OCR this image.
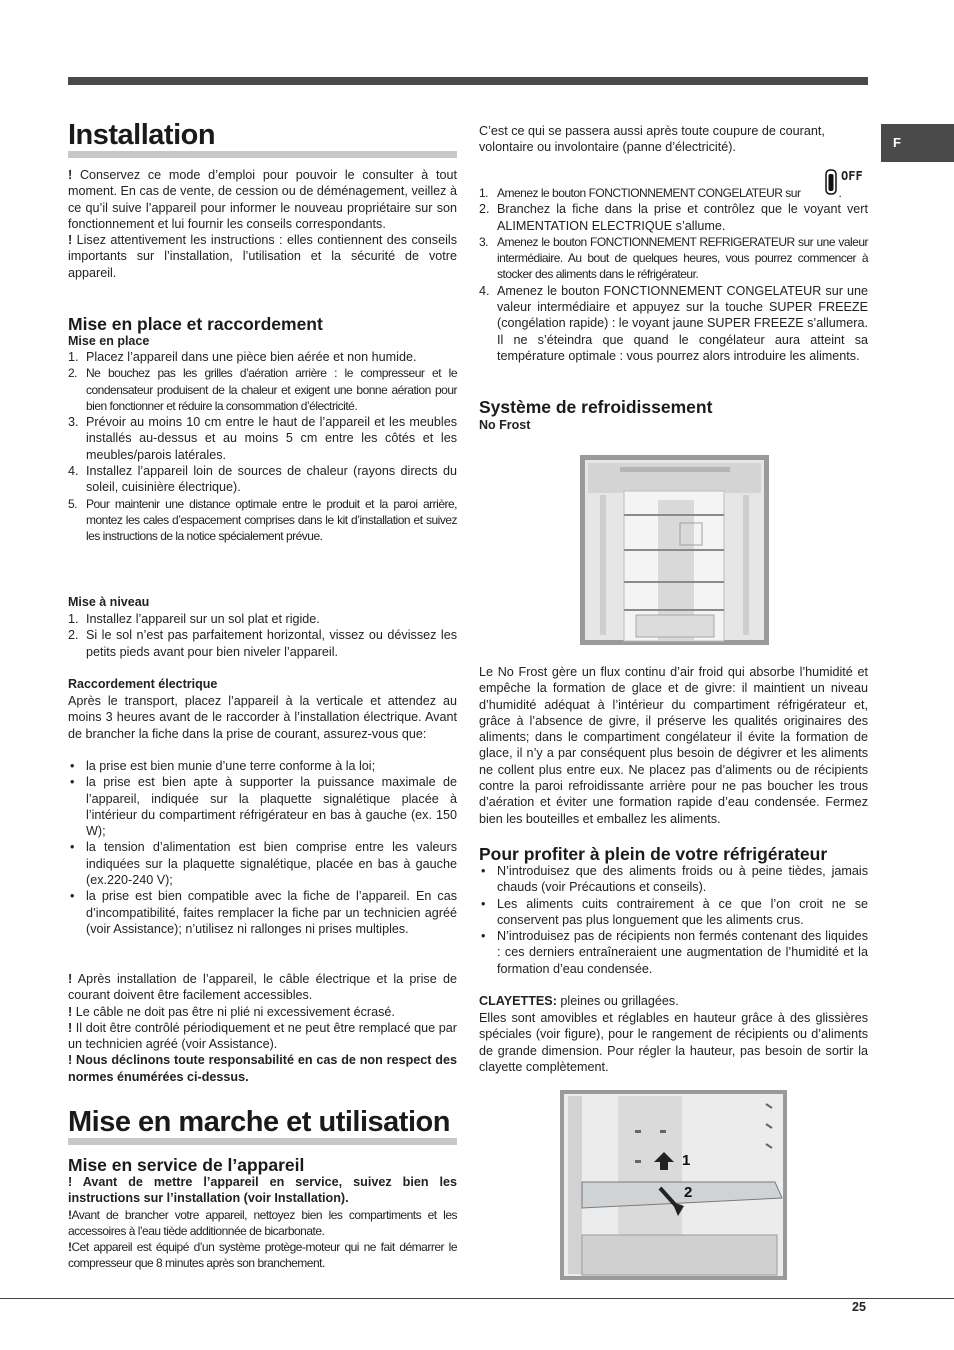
F
Installation

! Conservez ce mode d’emploi pour pouvoir le consulter à tout moment. En cas de vente, de cession ou de déménagement, veillez à ce qu’il suive l’appareil pour informer le nouveau propriétaire sur son fonctionnement et lui fournir les conseils correspondants.

! Lisez attentivement les instructions : elles contiennent des conseils importants sur l’installation, l’utilisation et la sécurité de votre appareil.

Mise en place et raccordement
Mise en place
1. Placez l’appareil dans une pièce bien aérée et non humide.
2. Ne bouchez pas les grilles d’aération arrière : le compresseur et le condensateur produisent de la chaleur et exigent une bonne aération pour bien fonctionner et réduire la consommation d’électricité.
3. Prévoir au moins 10 cm entre le haut de l’appareil et les meubles installés au-dessus et au moins 5 cm entre les côtés et les meubles/parois latérales.
4. Installez l’appareil loin de sources de chaleur (rayons directs du soleil, cuisinière électrique).
5. Pour maintenir une distance optimale entre le produit et la paroi arrière, montez les cales d’espacement comprises dans le kit d’installation et suivez les instructions de la notice spécialement prévue.
Mise à niveau
1. Installez l’appareil sur un sol plat et rigide.
2. Si le sol n’est pas parfaitement horizontal, vissez ou dévissez les petits pieds avant pour bien niveler l’appareil.
Raccordement électrique

Après le transport, placez l’appareil à la verticale et attendez au moins 3 heures avant de le raccorder à l’installation électrique. Avant de brancher la fiche dans la prise de courant, assurez-vous que:

• la prise est bien munie d’une terre conforme à la loi;
• la prise est bien apte à supporter la puissance maximale de l’appareil, indiquée sur la plaquette signalétique placée à l’intérieur du compartiment réfrigérateur en bas à gauche (ex. 150 W);
• la tension d’alimentation est bien comprise entre les valeurs indiquées sur la plaquette signalétique, placée en bas à gauche (ex.220-240 V);
• la prise est bien compatible avec la fiche de l’appareil. En cas d’incompatibilité, faites remplacer la fiche par un technicien agréé (voir Assistance); n’utilisez ni rallonges ni prises multiples.

! Après installation de l’appareil, le câble électrique et la prise de courant doivent être facilement accessibles.

! Le câble ne doit pas être ni plié ni excessivement écrasé.

! Il doit être contrôlé périodiquement et ne peut être remplacé que par un technicien agréé (voir Assistance).

! Nous déclinons toute responsabilité en cas de non respect des normes énumérées ci-dessus.

Mise en marche et utilisation
Mise en service de l’appareil

! Avant de mettre l’appareil en service, suivez bien les instructions sur l’installation (voir Installation).

!Avant de brancher votre appareil, nettoyez bien les compartiments et les accessoires à l’eau tiède additionnée de bicarbonate.

!Cet appareil est équipé d’un système protège-moteur qui ne fait démarrer le compresseur que 8 minutes après son branchement.

C’est ce qui se passera aussi après toute coupure de courant, volontaire ou involontaire (panne d’électricité).

OFF
1. Amenez le bouton FONCTIONNEMENT CONGELATEUR sur	.
2. Branchez la fiche dans la prise et contrôlez que le voyant vert ALIMENTATION ELECTRIQUE s’allume.
3. Amenez le bouton FONCTIONNEMENT REFRIGERATEUR sur une valeur intermédiaire. Au bout de quelques heures, vous pourrez commencer à stocker des aliments dans le réfrigérateur.
4. Amenez le bouton FONCTIONNEMENT CONGELATEUR sur une valeur intermédiaire et appuyez sur la touche SUPER FREEZE (congélation rapide) : le voyant jaune SUPER FREEZE s’allumera. Il ne s’éteindra que quand le congélateur aura atteint sa température optimale : vous pourrez alors introduire les aliments.
Système de refroidissement
No Frost

Le No Frost gère un flux continu d’air froid qui absorbe l’humidité et empêche la formation de glace et de givre: il maintient un niveau d’humidité adéquat à l’intérieur du compartiment réfrigérateur et, grâce à l’absence de givre, il préserve les qualités originaires des aliments; dans le compartiment congélateur il évite la formation de glace, il n’y a par conséquent plus besoin de dégivrer et les aliments ne collent plus entre eux. Ne placez pas d’aliments ou de récipients contre la paroi refroidissante arrière pour ne pas boucher les trous d’aération et éviter une formation rapide d’eau condensée. Fermez bien les bouteilles et emballez les aliments.

Pour profiter à plein de votre réfrigérateur
• N’introduisez que des aliments froids ou à peine tièdes, jamais chauds (voir Précautions et conseils).
• Les aliments cuits contrairement à ce que l’on croit ne se conservent pas plus longuement que les aliments crus.
• N’introduisez pas de récipients non fermés contenant des liquides : ces derniers entraîneraient une augmentation de l’humidité et la formation d’eau condensée.

CLAYETTES: pleines ou grillagées.

Elles sont amovibles et réglables en hauteur grâce à des glissières spéciales (voir figure), pour le rangement de récipients ou d’aliments de grande dimension. Pour régler la hauteur, pas besoin de sortir la clayette complètement.

1
2
25
